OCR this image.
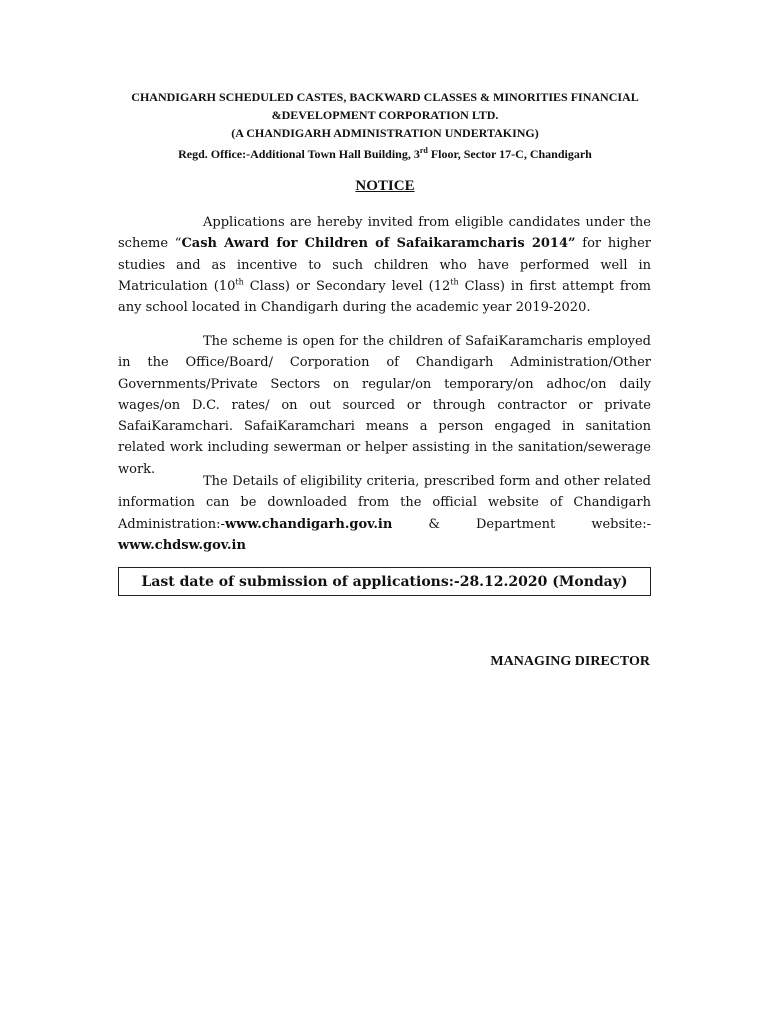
CHANDIGARH SCHEDULED CASTES, BACKWARD CLASSES & MINORITIES FINANCIAL
&DEVELOPMENT CORPORATION LTD.
(A CHANDIGARH ADMINISTRATION UNDERTAKING)
Regd. Office:-Additional Town Hall Building, 3rd Floor, Sector 17-C, Chandigarh
NOTICE
Applications are hereby invited from eligible candidates under the scheme “Cash Award for Children of Safaikaramcharis 2014” for higher studies and as incentive to such children who have performed well in Matriculation (10th Class) or Secondary level (12th Class) in first attempt from any school located in Chandigarh during the academic year 2019-2020.
The scheme is open for the children of SafaiKaramcharis employed in the Office/Board/ Corporation of Chandigarh Administration/Other Governments/Private Sectors on regular/on temporary/on adhoc/on daily wages/on D.C. rates/ on out sourced or through contractor or private SafaiKaramchari. SafaiKaramchari means a person engaged in sanitation related work including sewerman or helper assisting in the sanitation/sewerage work.
The Details of eligibility criteria, prescribed form and other related information can be downloaded from the official website of Chandigarh Administration:-www.chandigarh.gov.in & Department website:- www.chdsw.gov.in
Last date of submission of applications:-28.12.2020 (Monday)
MANAGING DIRECTOR
